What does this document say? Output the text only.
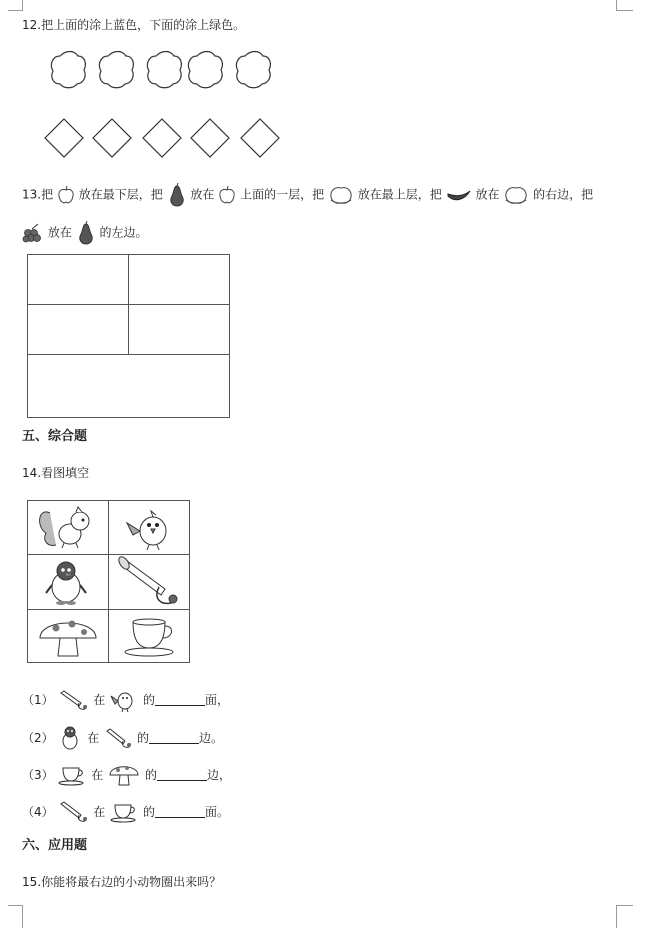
12.把上面的涂上蓝色，下面的涂上绿色。
13.把 放在最下层，把 放在 上面的一层，把	放在最上层，把	放在	的右边，把
放在 的左边。
五、综合题
14.看图填空
（1）	在	的	面，
（2）	在	的	边。
（3）	在	的	边，
（4）	在	的	面。
六、应用题
15.你能将最右边的小动物圈出来吗？
